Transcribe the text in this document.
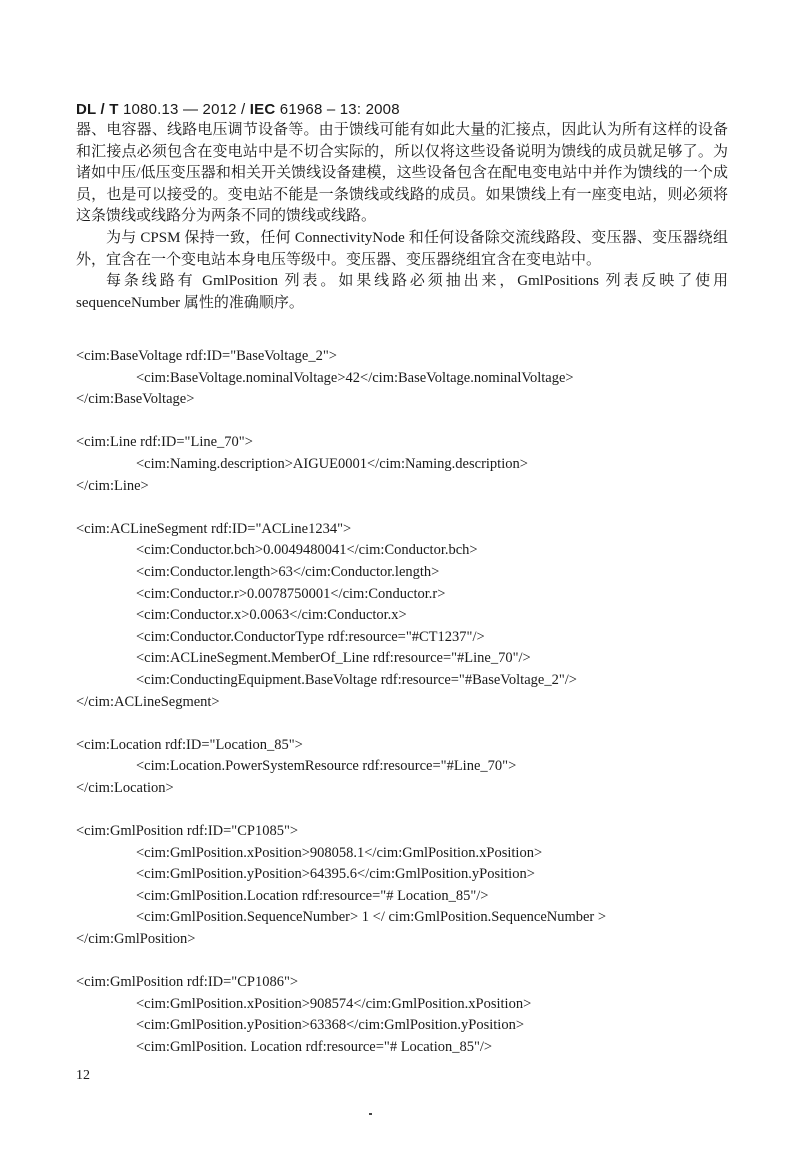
DL / T 1080.13 — 2012 / IEC 61968 – 13: 2008

器、电容器、线路电压调节设备等。由于馈线可能有如此大量的汇接点，因此认为所有这样的设备和汇接点必须包含在变电站中是不切合实际的，所以仅将这些设备说明为馈线的成员就足够了。为诸如中压/低压变压器和相关开关馈线设备建模，这些设备包含在配电变电站中并作为馈线的一个成员，也是可以接受的。变电站不能是一条馈线或线路的成员。如果馈线上有一座变电站，则必须将这条馈线或线路分为两条不同的馈线或线路。

为与 CPSM 保持一致，任何 ConnectivityNode 和任何设备除交流线路段、变压器、变压器绕组外，宜含在一个变电站本身电压等级中。变压器、变压器绕组宜含在变电站中。

每条线路有 GmlPosition 列表。如果线路必须抽出来，GmlPositions 列表反映了使用 sequenceNumber 属性的准确顺序。

<cim:BaseVoltage rdf:ID="BaseVoltage_2">
<cim:BaseVoltage.nominalVoltage>42</cim:BaseVoltage.nominalVoltage>
</cim:BaseVoltage>
<cim:Line rdf:ID="Line_70">
<cim:Naming.description>AIGUE0001</cim:Naming.description>
</cim:Line>
<cim:ACLineSegment rdf:ID="ACLine1234">
<cim:Conductor.bch>0.0049480041</cim:Conductor.bch>
<cim:Conductor.length>63</cim:Conductor.length>
<cim:Conductor.r>0.0078750001</cim:Conductor.r>
<cim:Conductor.x>0.0063</cim:Conductor.x>
<cim:Conductor.ConductorType rdf:resource="#CT1237"/>
<cim:ACLineSegment.MemberOf_Line rdf:resource="#Line_70"/>
<cim:ConductingEquipment.BaseVoltage rdf:resource="#BaseVoltage_2"/>
</cim:ACLineSegment>
<cim:Location rdf:ID="Location_85">
<cim:Location.PowerSystemResource rdf:resource="#Line_70">
</cim:Location>
<cim:GmlPosition rdf:ID="CP1085">
<cim:GmlPosition.xPosition>908058.1</cim:GmlPosition.xPosition>
<cim:GmlPosition.yPosition>64395.6</cim:GmlPosition.yPosition>
<cim:GmlPosition.Location rdf:resource="# Location_85"/>
<cim:GmlPosition.SequenceNumber> 1 </ cim:GmlPosition.SequenceNumber >
</cim:GmlPosition>
<cim:GmlPosition rdf:ID="CP1086">
<cim:GmlPosition.xPosition>908574</cim:GmlPosition.xPosition>
<cim:GmlPosition.yPosition>63368</cim:GmlPosition.yPosition>
<cim:GmlPosition. Location rdf:resource="# Location_85"/>
12
